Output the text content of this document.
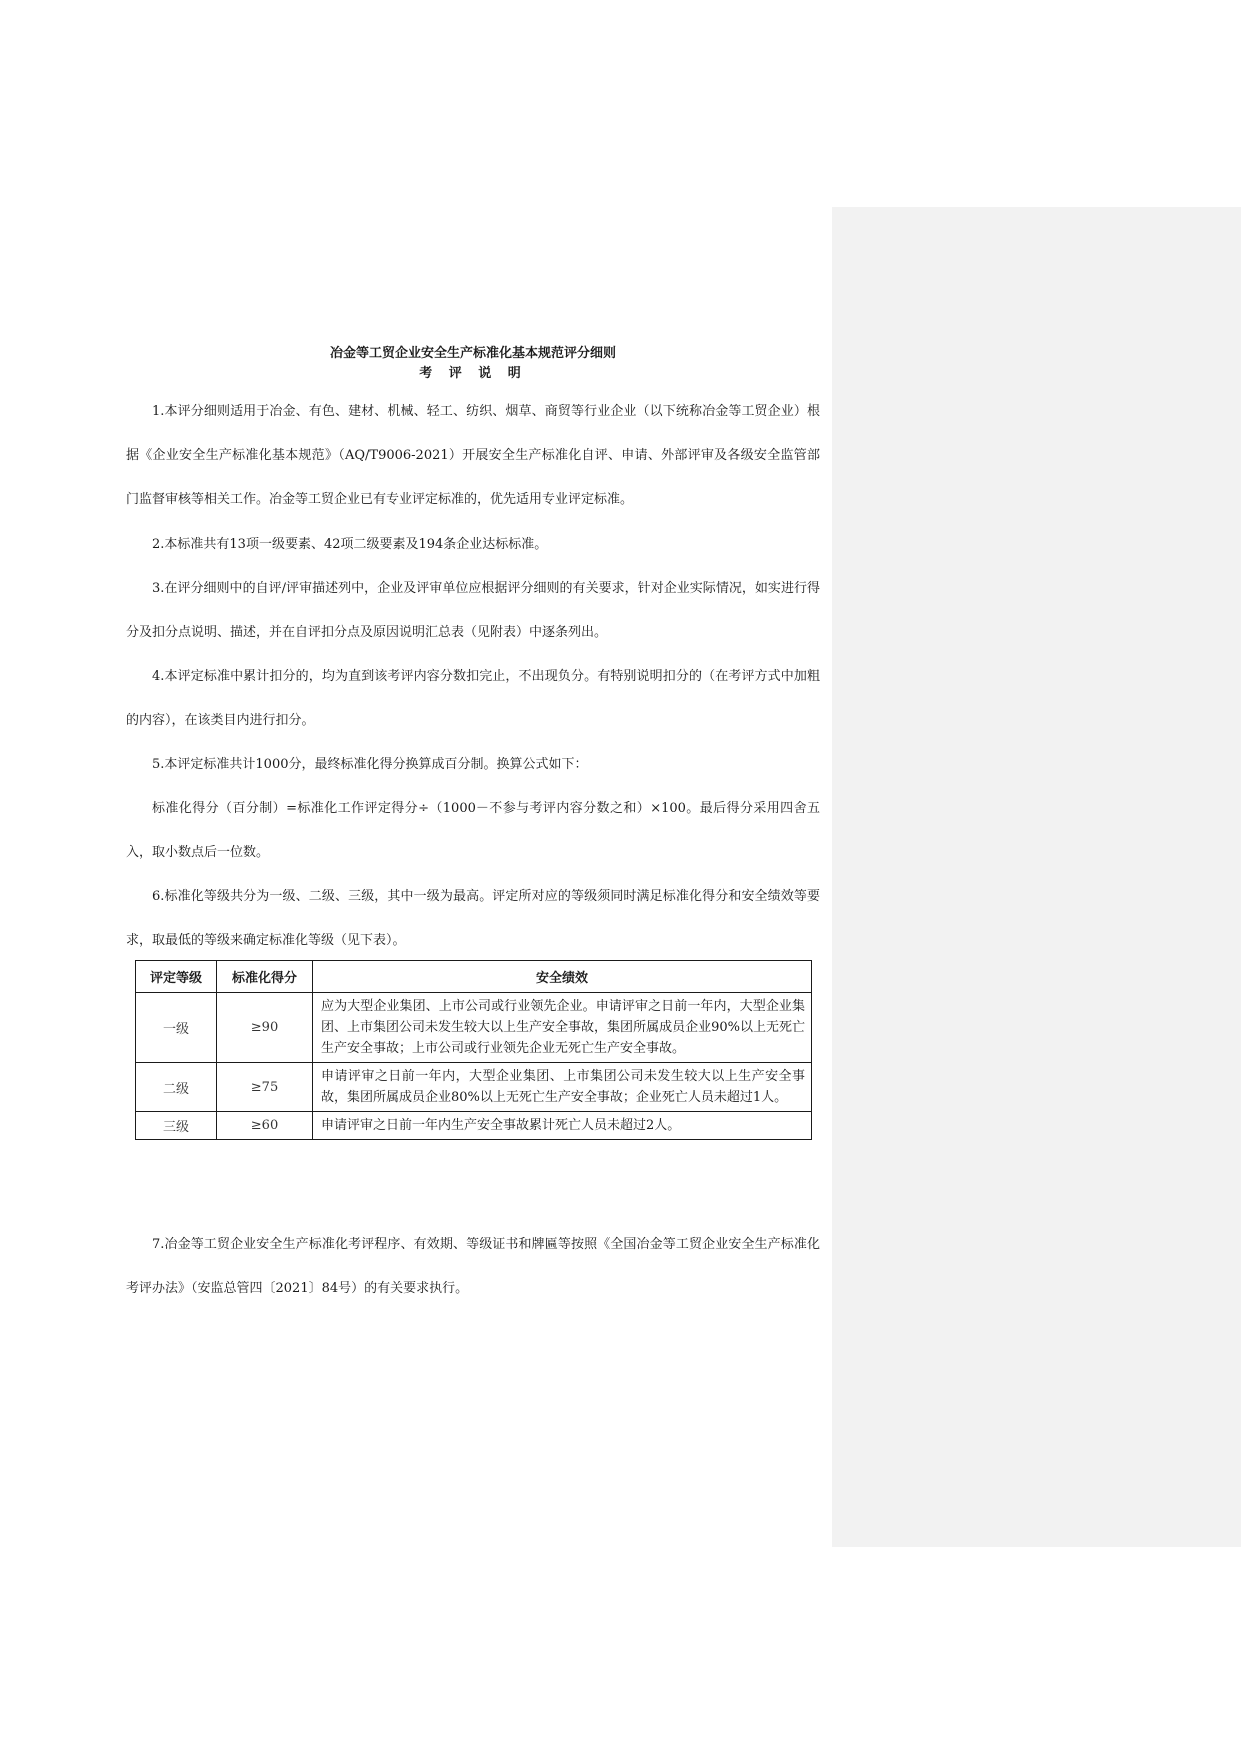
冶金等工贸企业安全生产标准化基本规范评分细则
考 评 说 明

1.本评分细则适用于冶金、有色、建材、机械、轻工、纺织、烟草、商贸等行业企业（以下统称冶金等工贸企业）根据《企业安全生产标准化基本规范》（AQ/T9006-2021）开展安全生产标准化自评、申请、外部评审及各级安全监管部门监督审核等相关工作。冶金等工贸企业已有专业评定标准的，优先适用专业评定标准。

2.本标准共有13项一级要素、42项二级要素及194条企业达标标准。

3.在评分细则中的自评/评审描述列中，企业及评审单位应根据评分细则的有关要求，针对企业实际情况，如实进行得分及扣分点说明、描述，并在自评扣分点及原因说明汇总表（见附表）中逐条列出。

4.本评定标准中累计扣分的，均为直到该考评内容分数扣完止，不出现负分。有特别说明扣分的（在考评方式中加粗的内容），在该类目内进行扣分。

5.本评定标准共计1000分，最终标准化得分换算成百分制。换算公式如下：

标准化得分（百分制）=标准化工作评定得分÷（1000－不参与考评内容分数之和）×100。最后得分采用四舍五入，取小数点后一位数。

6.标准化等级共分为一级、二级、三级，其中一级为最高。评定所对应的等级须同时满足标准化得分和安全绩效等要求，取最低的等级来确定标准化等级（见下表）。

评定等级	标准化得分	安全绩效
一级	≥90	应为大型企业集团、上市公司或行业领先企业。申请评审之日前一年内，大型企业集团、上市集团公司未发生较大以上生产安全事故，集团所属成员企业90%以上无死亡生产安全事故；上市公司或行业领先企业无死亡生产安全事故。
二级	≥75	申请评审之日前一年内，大型企业集团、上市集团公司未发生较大以上生产安全事故，集团所属成员企业80%以上无死亡生产安全事故；企业死亡人员未超过1人。
三级	≥60	申请评审之日前一年内生产安全事故累计死亡人员未超过2人。

7.冶金等工贸企业安全生产标准化考评程序、有效期、等级证书和牌匾等按照《全国冶金等工贸企业安全生产标准化考评办法》（安监总管四〔2021〕84号）的有关要求执行。
